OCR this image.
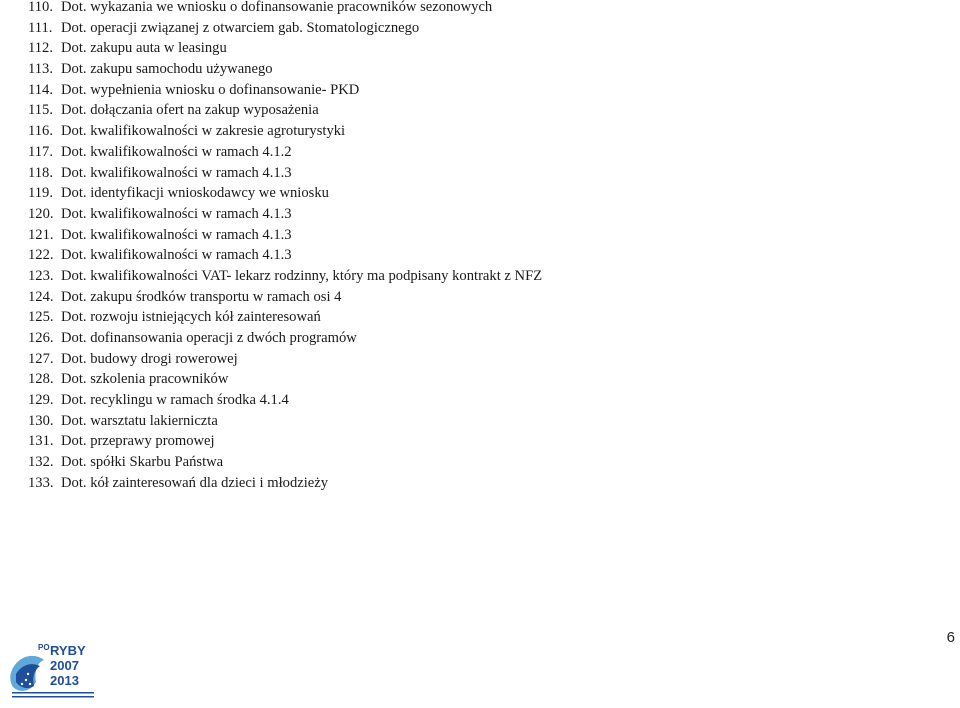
110. Dot. wykazania we wniosku o dofinansowanie pracowników sezonowych
111. Dot. operacji związanej z otwarciem gab. Stomatologicznego
112. Dot. zakupu auta w leasingu
113. Dot. zakupu samochodu używanego
114. Dot. wypełnienia wniosku o dofinansowanie- PKD
115. Dot. dołączania ofert na zakup wyposażenia
116. Dot. kwalifikowalności w zakresie agroturystyki
117. Dot. kwalifikowalności w ramach 4.1.2
118. Dot. kwalifikowalności w ramach 4.1.3
119. Dot. identyfikacji wnioskodawcy we wniosku
120. Dot. kwalifikowalności w ramach 4.1.3
121. Dot. kwalifikowalności w ramach 4.1.3
122. Dot. kwalifikowalności w ramach 4.1.3
123. Dot. kwalifikowalności VAT- lekarz rodzinny, który ma podpisany kontrakt z NFZ
124. Dot. zakupu środków transportu w ramach osi 4
125. Dot. rozwoju istniejących kół zainteresowań
126. Dot. dofinansowania operacji z dwóch programów
127. Dot. budowy drogi rowerowej
128. Dot. szkolenia pracowników
129. Dot. recyklingu w ramach środka 4.1.4
130. Dot. warsztatu lakierniczta
131. Dot. przeprawy promowej
132. Dot. spółki Skarbu Państwa
133. Dot. kół zainteresowań dla dzieci i młodzieży
6
PO RYBY
2007
2013
